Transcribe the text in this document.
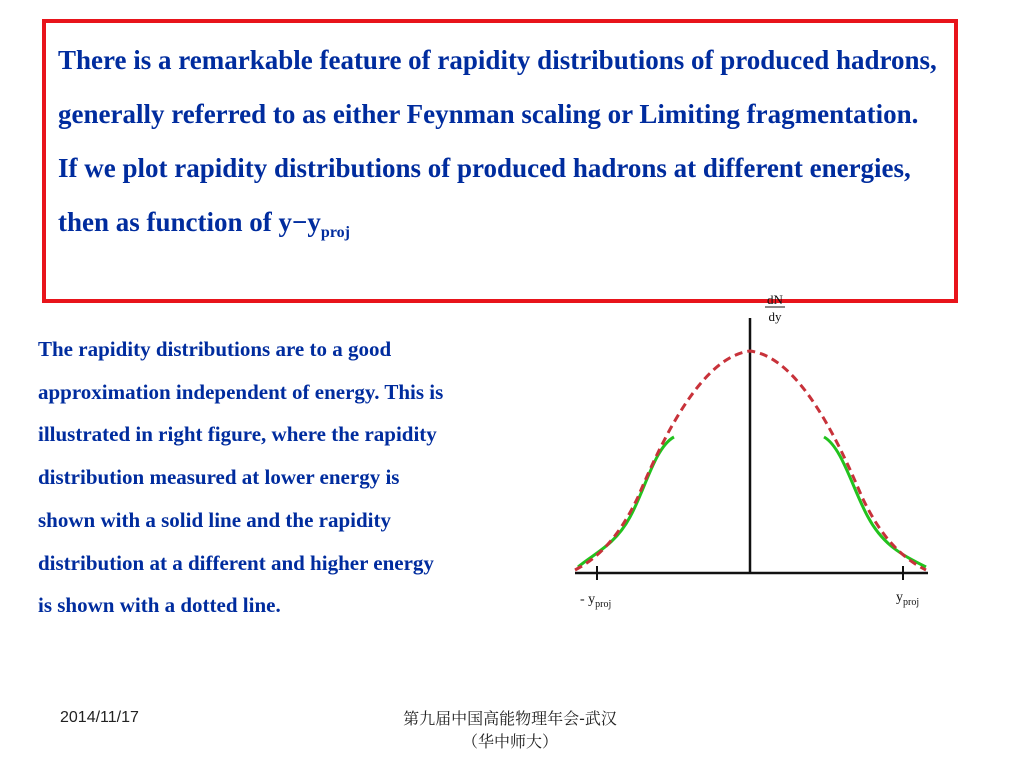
There is a remarkable feature of rapidity distributions of produced hadrons, generally referred to as either Feynman scaling or Limiting fragmentation. If we plot rapidity distributions of produced hadrons at different energies, then as function of $y-y_{proj}$

The rapidity distributions are to a good
approximation independent of energy. This is
illustrated in right figure, where the rapidity
distribution measured at lower energy is
shown with a solid line and the rapidity
distribution at a different and higher energy
is shown with a dotted line.

dN
dy
- $y_{proj}$	$y_{proj}$
2014/11/17	第九届中国高能物理年会-武汉
（华中师大）
